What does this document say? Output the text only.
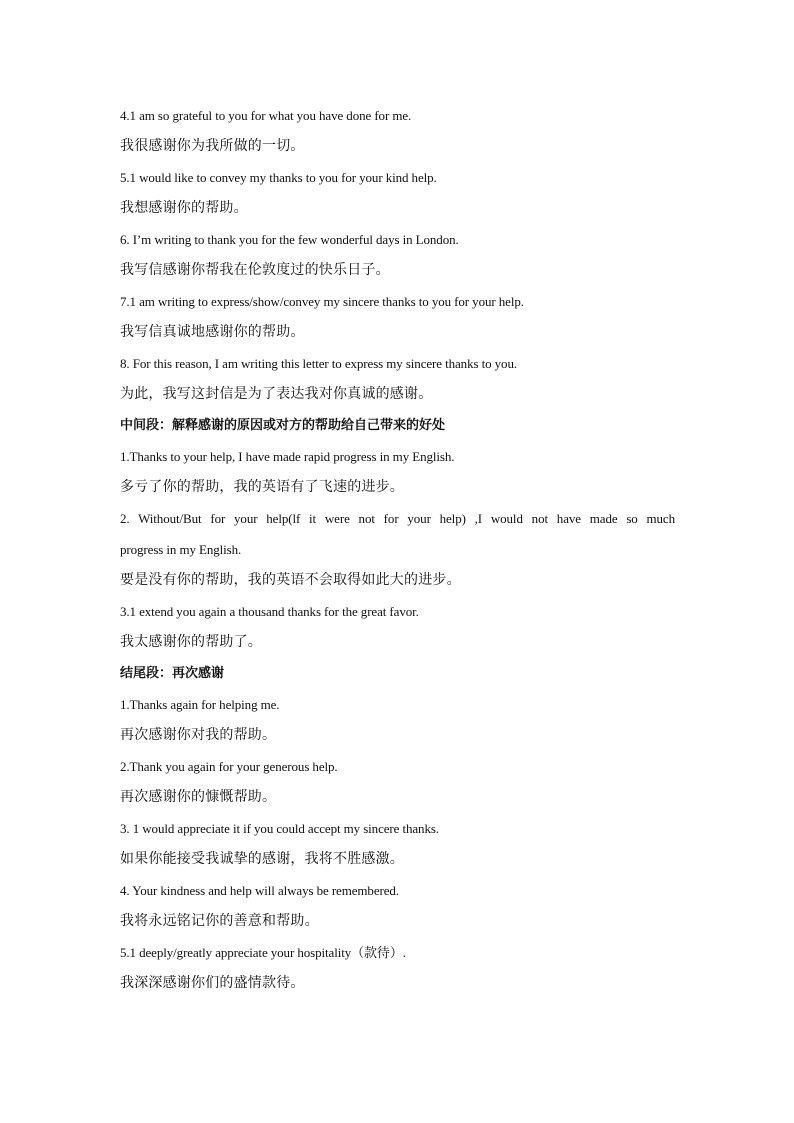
4.1 am so grateful to you for what you have done for me.

我很感谢你为我所做的一切。

5.1 would like to convey my thanks to you for your kind help.

我想感谢你的帮助。

6. I’m writing to thank you for the few wonderful days in London.

我写信感谢你帮我在伦敦度过的快乐日子。

7.1 am writing to express/show/convey my sincere thanks to you for your help.

我写信真诚地感谢你的帮助。

8. For this reason, I am writing this letter to express my sincere thanks to you.

为此，我写这封信是为了表达我对你真诚的感谢。

中间段：解释感谢的原因或对方的帮助给自己带来的好处

1.Thanks to your help, I have made rapid progress in my English.

多亏了你的帮助，我的英语有了飞速的进步。

2. Without/But for your help(lf it were not for your help) ,I would not have made so much

progress in my English.

要是没有你的帮助，我的英语不会取得如此大的进步。

3.1 extend you again a thousand thanks for the great favor.

我太感谢你的帮助了。

结尾段：再次感谢

1.Thanks again for helping me.

再次感谢你对我的帮助。

2.Thank you again for your generous help.

再次感谢你的慷慨帮助。

3. 1 would appreciate it if you could accept my sincere thanks.

如果你能接受我诚挚的感谢，我将不胜感激。

4. Your kindness and help will always be remembered.

我将永远铭记你的善意和帮助。

5.1 deeply/greatly appreciate your hospitality（款待）.

我深深感谢你们的盛情款待。
